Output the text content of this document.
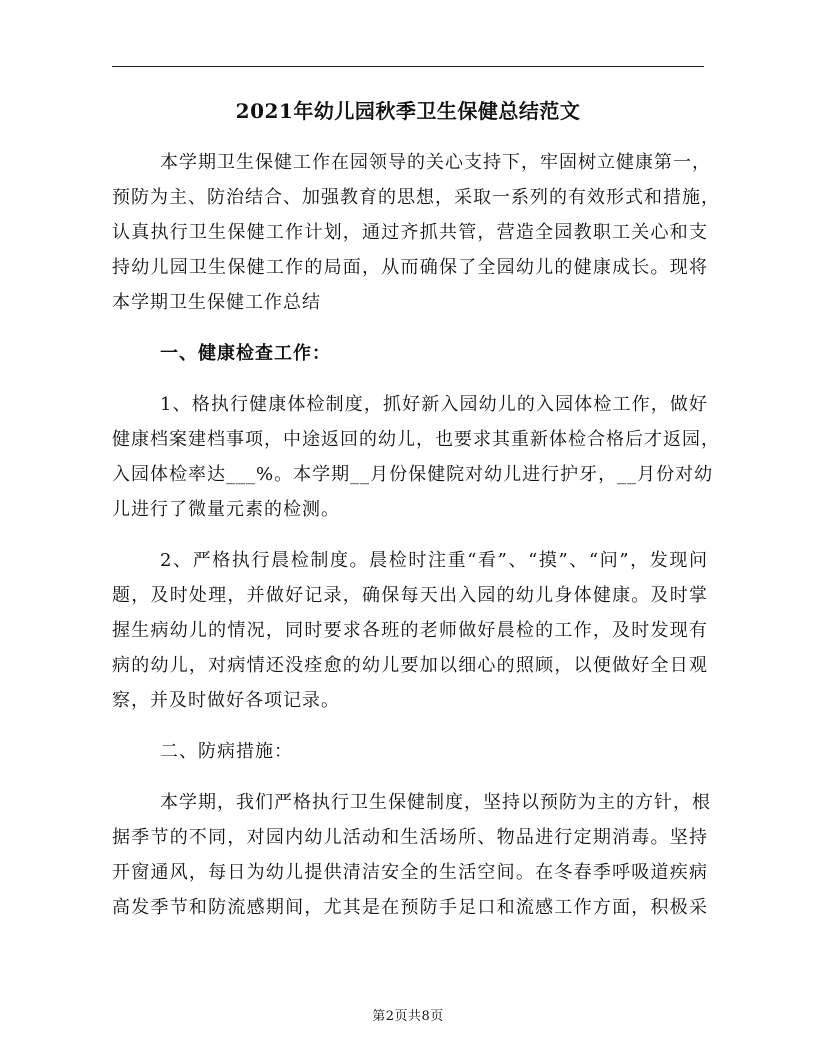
2021年幼儿园秋季卫生保健总结范文
本学期卫生保健工作在园领导的关心支持下，牢固树立健康第一，
预防为主、防治结合、加强教育的思想，采取一系列的有效形式和措施，
认真执行卫生保健工作计划，通过齐抓共管，营造全园教职工关心和支
持幼儿园卫生保健工作的局面，从而确保了全园幼儿的健康成长。现将
本学期卫生保健工作总结
一、健康检查工作：
1、格执行健康体检制度，抓好新入园幼儿的入园体检工作，做好
健康档案建档事项，中途返回的幼儿，也要求其重新体检合格后才返园，
入园体检率达___%。本学期__月份保健院对幼儿进行护牙，__月份对幼
儿进行了微量元素的检测。
2、严格执行晨检制度。晨检时注重“看”、“摸”、“问”，发现问
题，及时处理，并做好记录，确保每天出入园的幼儿身体健康。及时掌
握生病幼儿的情况，同时要求各班的老师做好晨检的工作，及时发现有
病的幼儿，对病情还没痊愈的幼儿要加以细心的照顾，以便做好全日观
察，并及时做好各项记录。
二、防病措施：
本学期，我们严格执行卫生保健制度，坚持以预防为主的方针，根
据季节的不同，对园内幼儿活动和生活场所、物品进行定期消毒。坚持
开窗通风，每日为幼儿提供清洁安全的生活空间。在冬春季呼吸道疾病
高发季节和防流感期间，尤其是在预防手足口和流感工作方面，积极采
第2页共8页
